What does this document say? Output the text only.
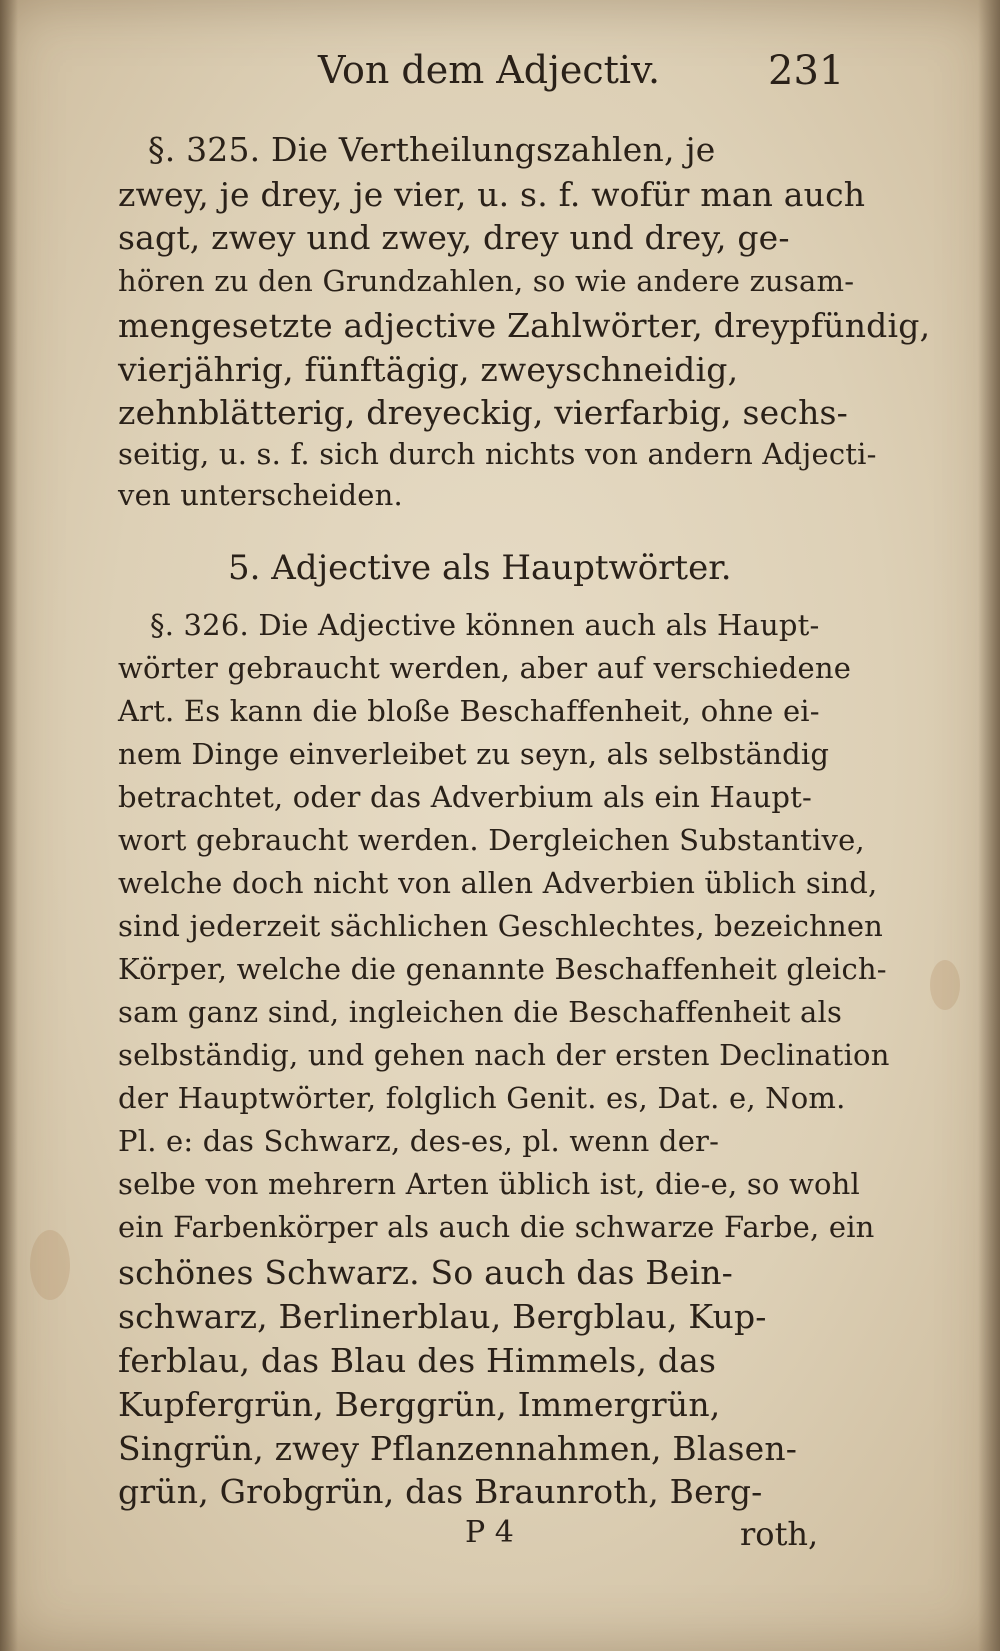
Von dem Adjectiv.	231
§. 325. Die Vertheilungszahlen, je
zwey, je drey, je vier, u. s. f. wofür man auch
sagt, zwey und zwey, drey und drey, ge-
hören zu den Grundzahlen, so wie andere zusam-
mengesetzte adjective Zahlwörter, dreypfündig,
vierjährig, fünftägig, zweyschneidig,
zehnblätterig, dreyeckig, vierfarbig, sechs-
seitig, u. s. f. sich durch nichts von andern Adjecti-
ven unterscheiden.
5. Adjective als Hauptwörter.
§. 326. Die Adjective können auch als Haupt-
wörter gebraucht werden, aber auf verschiedene
Art. Es kann die bloße Beschaffenheit, ohne ei-
nem Dinge einverleibet zu seyn, als selbständig
betrachtet, oder das Adverbium als ein Haupt-
wort gebraucht werden. Dergleichen Substantive,
welche doch nicht von allen Adverbien üblich sind,
sind jederzeit sächlichen Geschlechtes, bezeichnen
Körper, welche die genannte Beschaffenheit gleich-
sam ganz sind, ingleichen die Beschaffenheit als
selbständig, und gehen nach der ersten Declination
der Hauptwörter, folglich Genit. es, Dat. e, Nom.
Pl. e: das Schwarz, des-es, pl. wenn der-
selbe von mehrern Arten üblich ist, die-e, so wohl
ein Farbenkörper als auch die schwarze Farbe, ein
schönes Schwarz. So auch das Bein-
schwarz, Berlinerblau, Bergblau, Kup-
ferblau, das Blau des Himmels, das
Kupfergrün, Berggrün, Immergrün,
Singrün, zwey Pflanzennahmen, Blasen-
grün, Grobgrün, das Braunroth, Berg-
P 4	roth,
